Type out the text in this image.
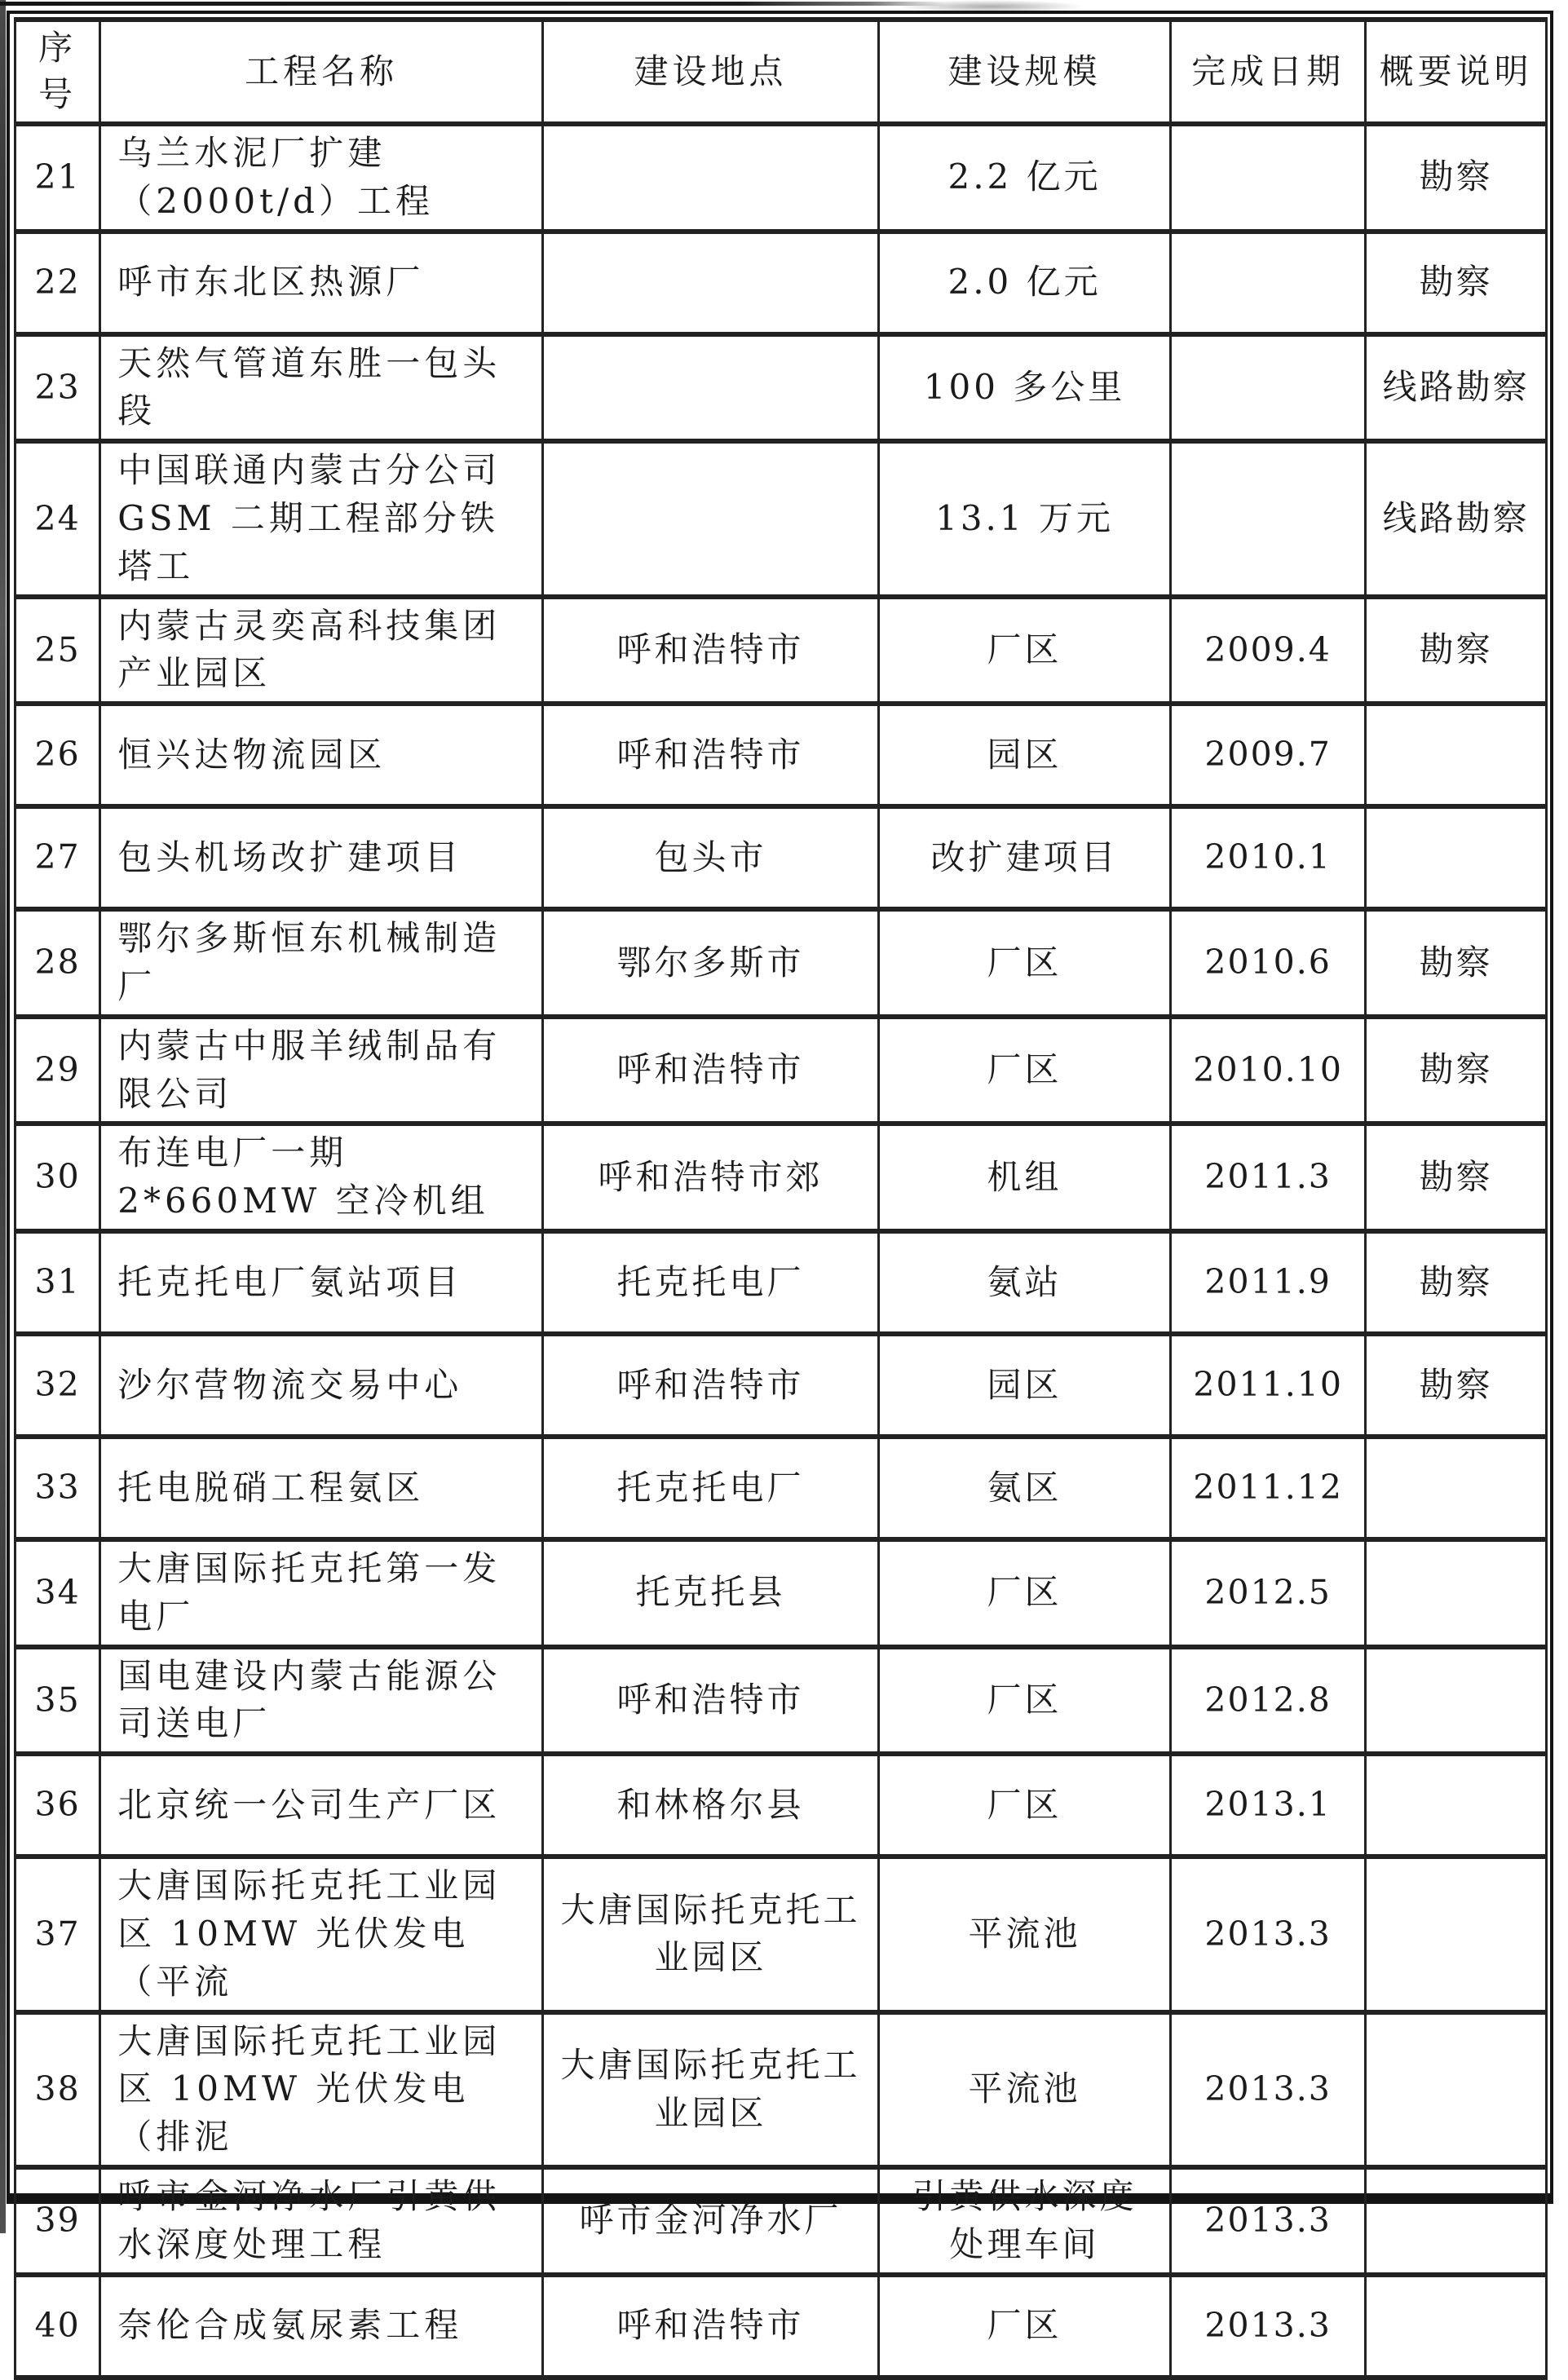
序号	工程名称	建设地点	建设规模	完成日期	概要说明
21	乌兰水泥厂扩建 （2000t/d）工程		2.2 亿元		勘察
22	呼市东北区热源厂		2.0 亿元		勘察
23	天然气管道东胜一包头段		100 多公里		线路勘察
24	中国联通内蒙古分公司 GSM 二期工程部分铁塔工		13.1 万元		线路勘察
25	内蒙古灵奕高科技集团产业园区	呼和浩特市	厂区	2009.4	勘察
26	恒兴达物流园区	呼和浩特市	园区	2009.7	
27	包头机场改扩建项目	包头市	改扩建项目	2010.1	
28	鄂尔多斯恒东机械制造厂	鄂尔多斯市	厂区	2010.6	勘察
29	内蒙古中服羊绒制品有限公司	呼和浩特市	厂区	2010.10	勘察
30	布连电厂一期 2*660MW 空冷机组	呼和浩特市郊	机组	2011.3	勘察
31	托克托电厂氨站项目	托克托电厂	氨站	2011.9	勘察
32	沙尔营物流交易中心	呼和浩特市	园区	2011.10	勘察
33	托电脱硝工程氨区	托克托电厂	氨区	2011.12	
34	大唐国际托克托第一发电厂	托克托县	厂区	2012.5	
35	国电建设内蒙古能源公司送电厂	呼和浩特市	厂区	2012.8	
36	北京统一公司生产厂区	和林格尔县	厂区	2013.1	
37	大唐国际托克托工业园区 10MW 光伏发电（平流	大唐国际托克托工业园区	平流池	2013.3	
38	大唐国际托克托工业园区 10MW 光伏发电（排泥	大唐国际托克托工业园区	平流池	2013.3	
39	呼市金河净水厂引黄供水深度处理工程	呼市金河净水厂	引黄供水深度 处理车间	2013.3	
40	奈伦合成氨尿素工程	呼和浩特市	厂区	2013.3	
